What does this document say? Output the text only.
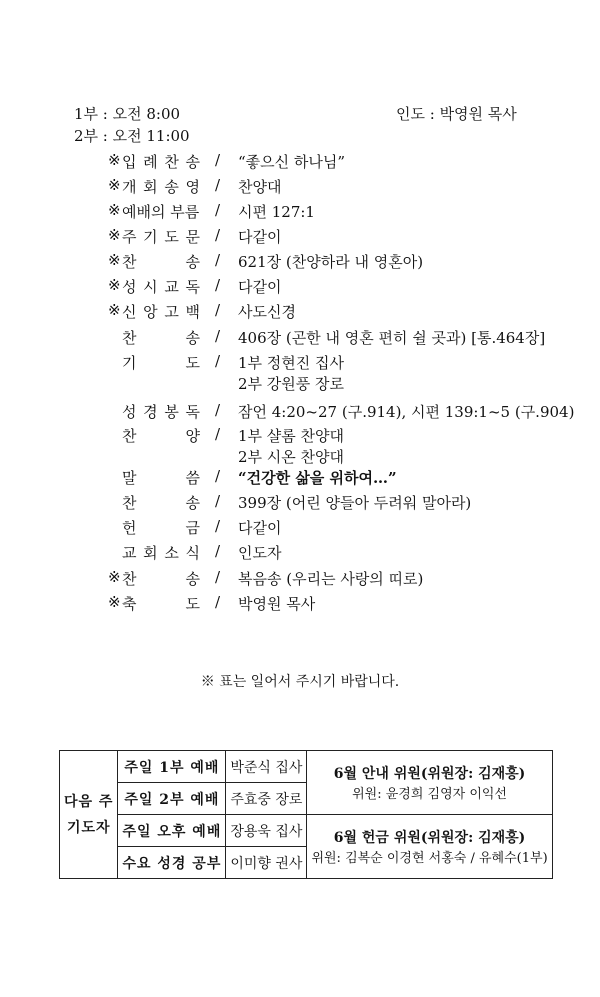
1부 : 오전 8:00
2부 : 오전 11:00
인도 : 박영원 목사
※ 입 례 찬 송 / “좋으신 하나님”
※ 개 회 송 영 / 찬양대
※ 예배의 부름 / 시편 127:1
※ 주 기 도 문 / 다같이
※ 찬	송 / 621장 (찬양하라 내 영혼아)
※ 성 시 교 독 / 다같이
※ 신 앙 고 백 / 사도신경
찬	송 / 406장 (곤한 내 영혼 편히 쉴 곳과) [통.464장]
기	도 / 1부 정현진 집사
2부 강원풍 장로
성 경 봉 독 / 잠언 4:20~27 (구.914), 시편 139:1~5 (구.904)
찬	양 / 1부 샬롬 찬양대
2부 시온 찬양대
말	씀 / “건강한 삶을 위하여…”
찬	송 / 399장 (어린 양들아 두려워 말아라)
헌	금 / 다같이
교 회 소 식 / 인도자
※ 찬	송 / 복음송 (우리는 사랑의 띠로)
※ 축	도 / 박영원 목사
※ 표는 일어서 주시기 바랍니다.
다음 주
기도자	주일 1부 예배	박준식 집사	6월 안내 위원(위원장: 김재홍)
위원: 윤경희 김영자 이익선

	주일 2부 예배	주효중 장로	
	주일 오후 예배	장용욱 집사	6월 헌금 위원(위원장: 김재홍)
위원: 김복순 이경현 서홍숙 / 유혜수(1부)

	수요 성경 공부	이미향 권사	
